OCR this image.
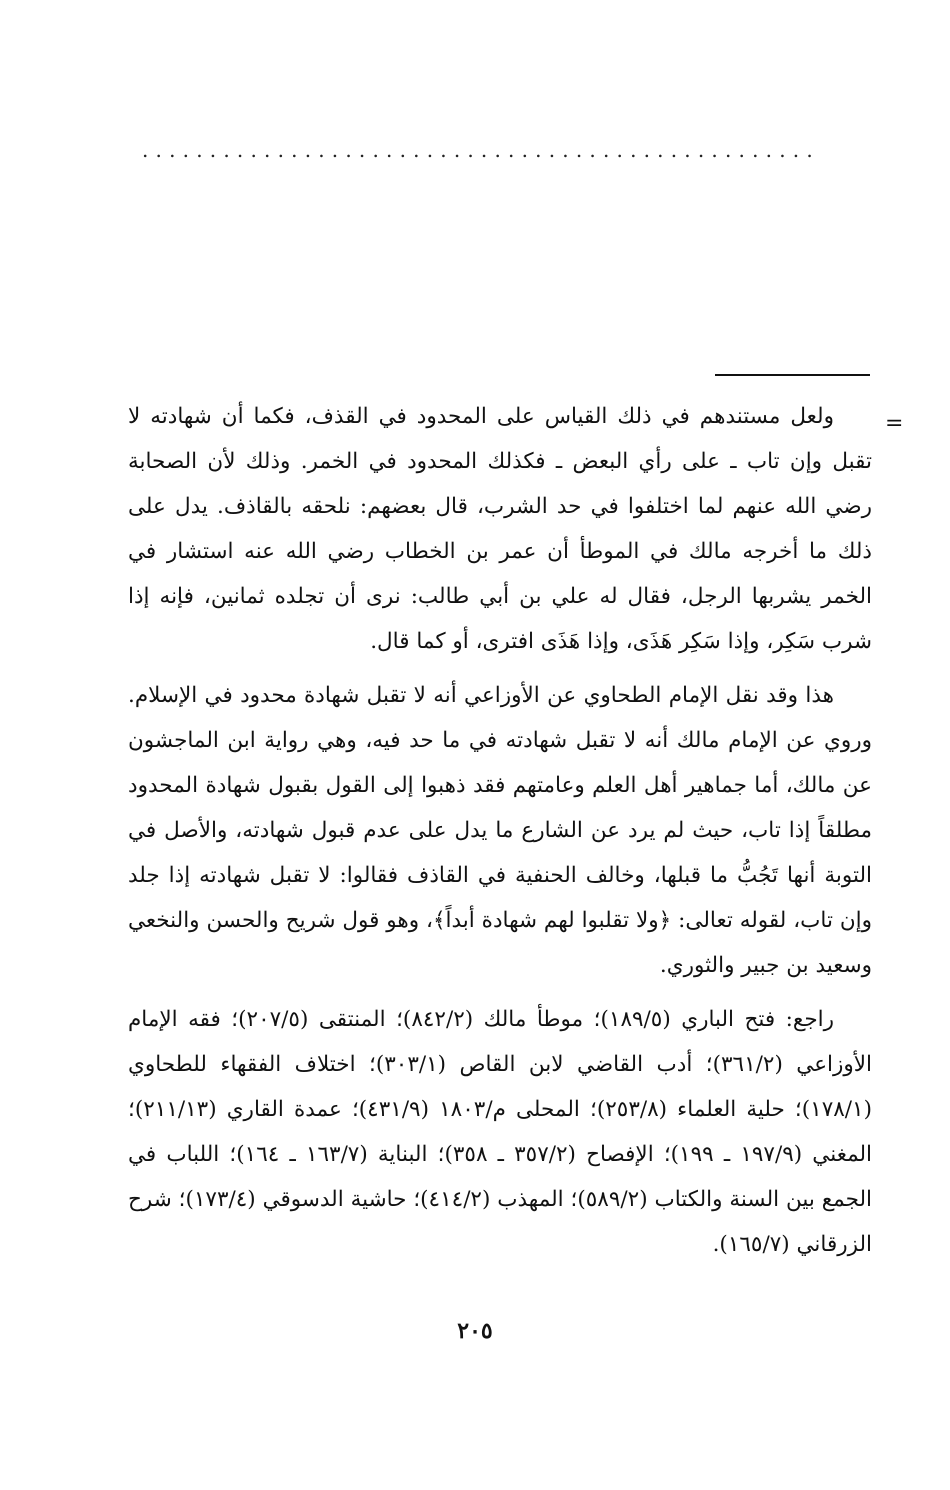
..................................................
=

ولعل مستندهم في ذلك القياس على المحدود في القذف، فكما أن شهادته لا تقبل وإن تاب ـ على رأي البعض ـ فكذلك المحدود في الخمر. وذلك لأن الصحابة رضي الله عنهم لما اختلفوا في حد الشرب، قال بعضهم: نلحقه بالقاذف. يدل على ذلك ما أخرجه مالك في الموطأ أن عمر بن الخطاب رضي الله عنه استشار في الخمر يشربها الرجل، فقال له علي بن أبي طالب: نرى أن تجلده ثمانين، فإنه إذا شرب سَكِر، وإذا سَكِر هَذَى، وإذا هَذَى افترى، أو كما قال.

هذا وقد نقل الإمام الطحاوي عن الأوزاعي أنه لا تقبل شهادة محدود في الإسلام. وروي عن الإمام مالك أنه لا تقبل شهادته في ما حد فيه، وهي رواية ابن الماجشون عن مالك، أما جماهير أهل العلم وعامتهم فقد ذهبوا إلى القول بقبول شهادة المحدود مطلقاً إذا تاب، حيث لم يرد عن الشارع ما يدل على عدم قبول شهادته، والأصل في التوبة أنها تَجُبُّ ما قبلها، وخالف الحنفية في القاذف فقالوا: لا تقبل شهادته إذا جلد وإن تاب، لقوله تعالى: ﴿ولا تقلبوا لهم شهادة أبداً﴾، وهو قول شريح والحسن والنخعي وسعيد بن جبير والثوري.

راجع: فتح الباري (١٨٩/٥)؛ موطأ مالك (٨٤٢/٢)؛ المنتقى (٢٠٧/٥)؛ فقه الإمام الأوزاعي (٣٦١/٢)؛ أدب القاضي لابن القاص (٣٠٣/١)؛ اختلاف الفقهاء للطحاوي (١٧٨/١)؛ حلية العلماء (٢٥٣/٨)؛ المحلى م/١٨٠٣ (٤٣١/٩)؛ عمدة القاري (٢١١/١٣)؛ المغني (١٩٧/٩ ـ ١٩٩)؛ الإفصاح (٣٥٧/٢ ـ ٣٥٨)؛ البناية (١٦٣/٧ ـ ١٦٤)؛ اللباب في الجمع بين السنة والكتاب (٥٨٩/٢)؛ المهذب (٤١٤/٢)؛ حاشية الدسوقي (١٧٣/٤)؛ شرح الزرقاني (١٦٥/٧).

٢٠٥
